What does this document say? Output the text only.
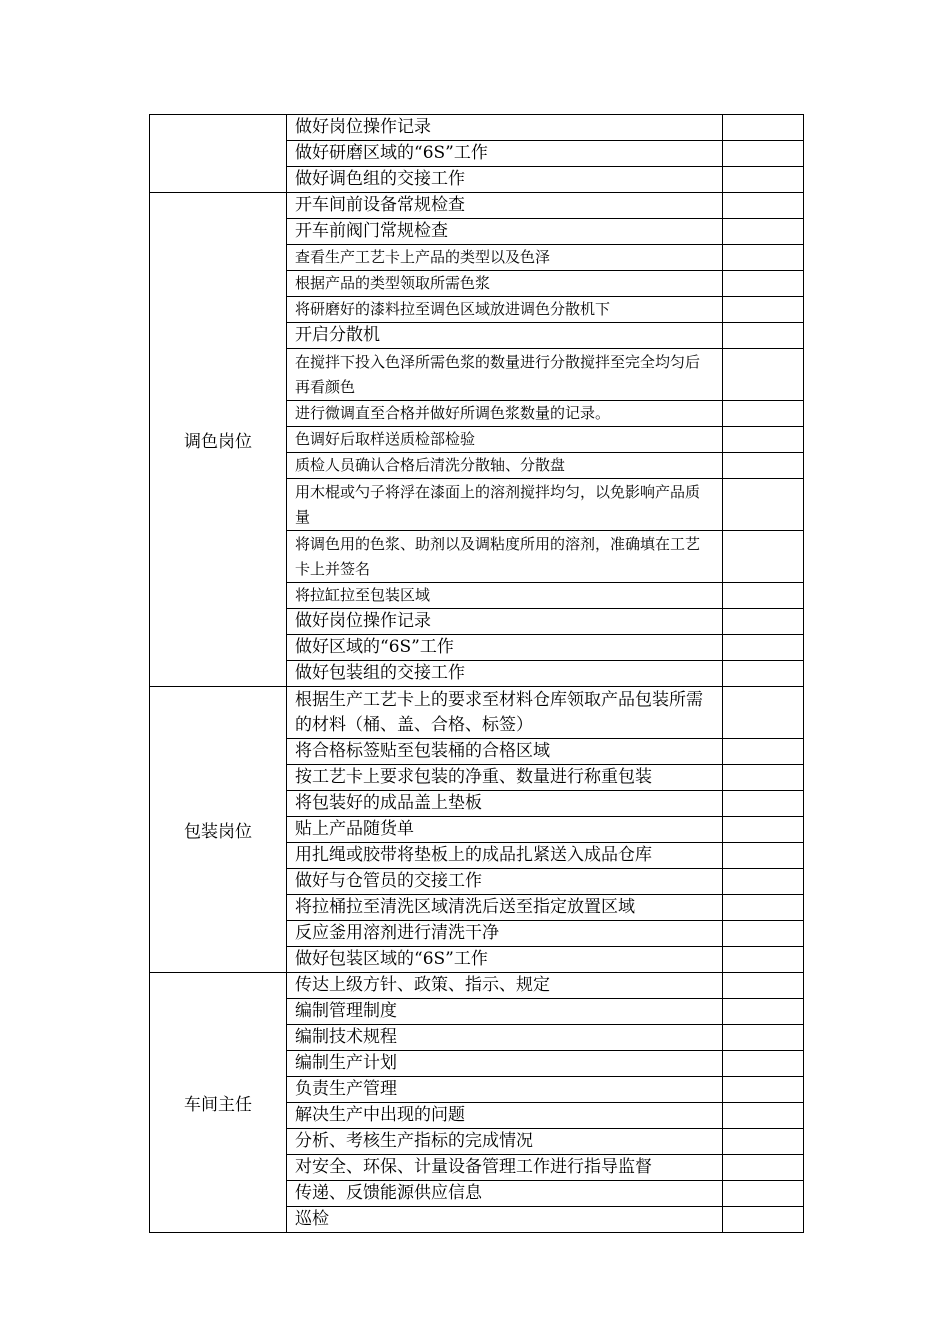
	做好岗位操作记录	
	做好研磨区域的“6S”工作	
	做好调色组的交接工作	
调色岗位	开车间前设备常规检查	
	开车前阀门常规检查	
	查看生产工艺卡上产品的类型以及色泽	
	根据产品的类型领取所需色浆	
	将研磨好的漆料拉至调色区域放进调色分散机下	
	开启分散机	
	在搅拌下投入色泽所需色浆的数量进行分散搅拌至完全均匀后再看颜色	
	进行微调直至合格并做好所调色浆数量的记录。	
	色调好后取样送质检部检验	
	质检人员确认合格后清洗分散轴、分散盘	
	用木棍或勺子将浮在漆面上的溶剂搅拌均匀，以免影响产品质量	
	将调色用的色浆、助剂以及调粘度所用的溶剂，准确填在工艺卡上并签名	
	将拉缸拉至包装区域	
	做好岗位操作记录	
	做好区域的“6S”工作	
	做好包装组的交接工作	
包装岗位	根据生产工艺卡上的要求至材料仓库领取产品包装所需的材料（桶、盖、合格、标签）	
	将合格标签贴至包装桶的合格区域	
	按工艺卡上要求包装的净重、数量进行称重包装	
	将包装好的成品盖上垫板	
	贴上产品随货单	
	用扎绳或胶带将垫板上的成品扎紧送入成品仓库	
	做好与仓管员的交接工作	
	将拉桶拉至清洗区域清洗后送至指定放置区域	
	反应釜用溶剂进行清洗干净	
	做好包装区域的“6S”工作	
车间主任	传达上级方针、政策、指示、规定	
	编制管理制度	
	编制技术规程	
	编制生产计划	
	负责生产管理	
	解决生产中出现的问题	
	分析、考核生产指标的完成情况	
	对安全、环保、计量设备管理工作进行指导监督	
	传递、反馈能源供应信息	
	巡检	
